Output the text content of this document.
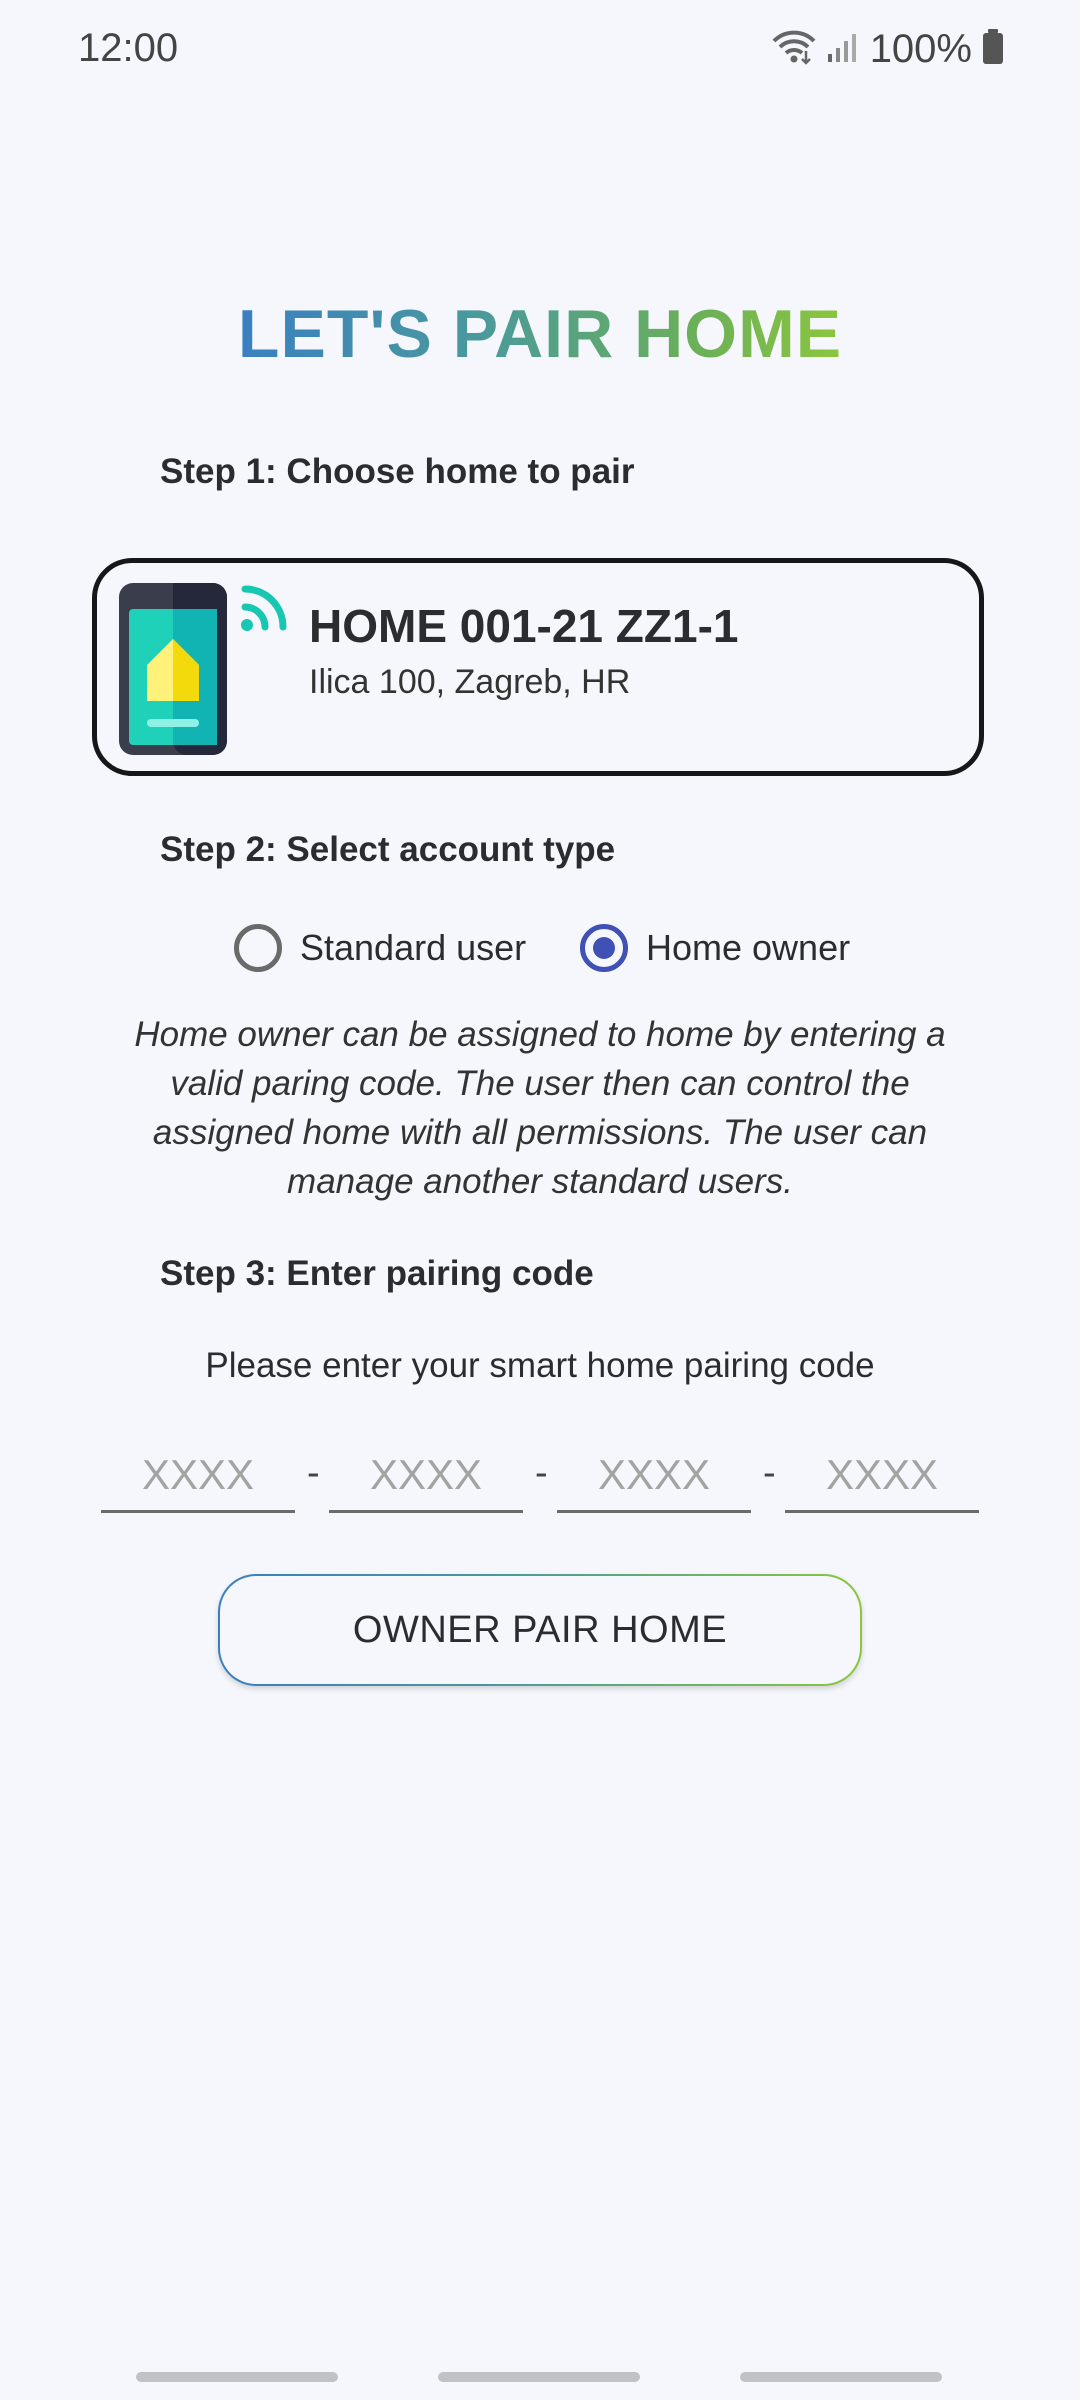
12:00	100%
LET'S PAIR HOME
Step 1: Choose home to pair
HOME 001-21 ZZ1-1
Ilica 100, Zagreb, HR
Step 2: Select account type
Standard user	Home owner
Home owner can be assigned to home by entering a valid paring code. The user then can control the assigned home with all permissions. The user can manage another standard users.
Step 3: Enter pairing code
Please enter your smart home pairing code
XXXX
-
XXXX	-
XXXX	-
XXXX
OWNER PAIR HOME
